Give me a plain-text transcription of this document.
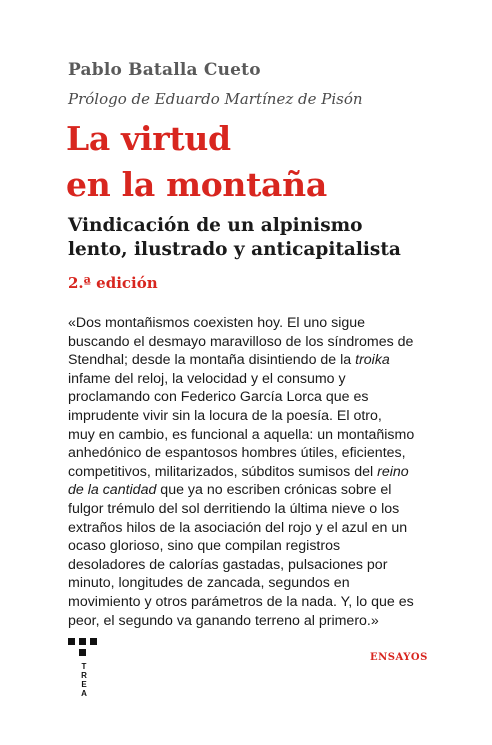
Pablo Batalla Cueto
Prólogo de Eduardo Martínez de Pisón
La virtud
en la montaña
Vindicación de un alpinismo
lento, ilustrado y anticapitalista
2.ª edición
«Dos montañismos coexisten hoy. El uno sigue
buscando el desmayo maravilloso de los síndromes de
Stendhal; desde la montaña disintiendo de la troika
infame del reloj, la velocidad y el consumo y
proclamando con Federico García Lorca que es
imprudente vivir sin la locura de la poesía. El otro,
muy en cambio, es funcional a aquella: un montañismo
anhedónico de espantosos hombres útiles, eficientes,
competitivos, militarizados, súbditos sumisos del reino
de la cantidad que ya no escriben crónicas sobre el
fulgor trémulo del sol derritiendo la última nieve o los
extraños hilos de la asociación del rojo y el azul en un
ocaso glorioso, sino que compilan registros
desoladores de calorías gastadas, pulsaciones por
minuto, longitudes de zancada, segundos en
movimiento y otros parámetros de la nada. Y, lo que es
peor, el segundo va ganando terreno al primero.»
T
R
E
A
ENSAYOS
